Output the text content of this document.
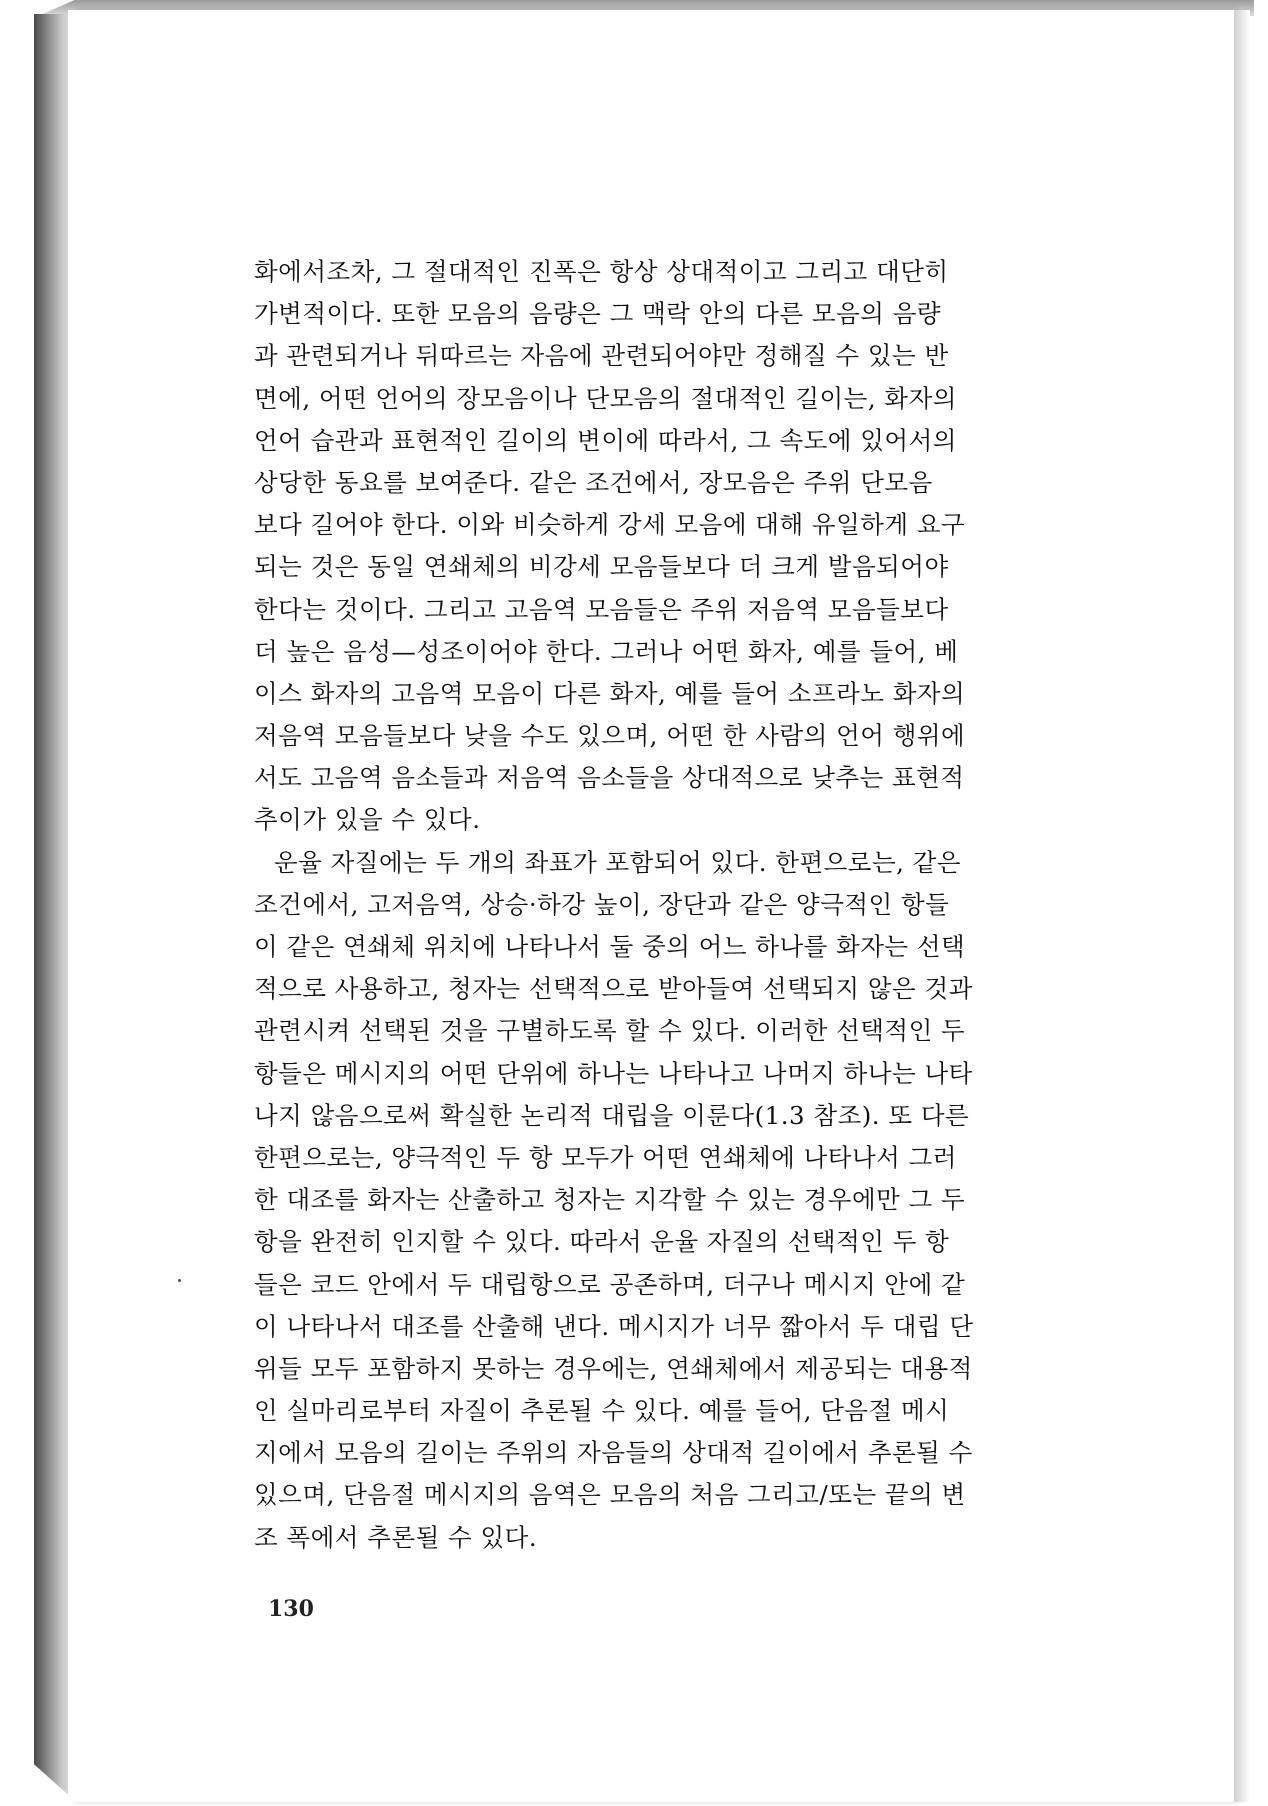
화에서조차, 그 절대적인 진폭은 항상 상대적이고 그리고 대단히
가변적이다. 또한 모음의 음량은 그 맥락 안의 다른 모음의 음량
과 관련되거나 뒤따르는 자음에 관련되어야만 정해질 수 있는 반
면에, 어떤 언어의 장모음이나 단모음의 절대적인 길이는, 화자의
언어 습관과 표현적인 길이의 변이에 따라서, 그 속도에 있어서의
상당한 동요를 보여준다. 같은 조건에서, 장모음은 주위 단모음
보다 길어야 한다. 이와 비슷하게 강세 모음에 대해 유일하게 요구
되는 것은 동일 연쇄체의 비강세 모음들보다 더 크게 발음되어야
한다는 것이다. 그리고 고음역 모음들은 주위 저음역 모음들보다
더 높은 음성—성조이어야 한다. 그러나 어떤 화자, 예를 들어, 베
이스 화자의 고음역 모음이 다른 화자, 예를 들어 소프라노 화자의
저음역 모음들보다 낮을 수도 있으며, 어떤 한 사람의 언어 행위에
서도 고음역 음소들과 저음역 음소들을 상대적으로 낮추는 표현적
추이가 있을 수 있다.
운율 자질에는 두 개의 좌표가 포함되어 있다. 한편으로는, 같은
조건에서, 고저음역, 상승·하강 높이, 장단과 같은 양극적인 항들
이 같은 연쇄체 위치에 나타나서 둘 중의 어느 하나를 화자는 선택
적으로 사용하고, 청자는 선택적으로 받아들여 선택되지 않은 것과
관련시켜 선택된 것을 구별하도록 할 수 있다. 이러한 선택적인 두
항들은 메시지의 어떤 단위에 하나는 나타나고 나머지 하나는 나타
나지 않음으로써 확실한 논리적 대립을 이룬다(1.3 참조). 또 다른
한편으로는, 양극적인 두 항 모두가 어떤 연쇄체에 나타나서 그러
한 대조를 화자는 산출하고 청자는 지각할 수 있는 경우에만 그 두
항을 완전히 인지할 수 있다. 따라서 운율 자질의 선택적인 두 항
들은 코드 안에서 두 대립항으로 공존하며, 더구나 메시지 안에 같
이 나타나서 대조를 산출해 낸다. 메시지가 너무 짧아서 두 대립 단
위들 모두 포함하지 못하는 경우에는, 연쇄체에서 제공되는 대용적
인 실마리로부터 자질이 추론될 수 있다. 예를 들어, 단음절 메시
지에서 모음의 길이는 주위의 자음들의 상대적 길이에서 추론될 수
있으며, 단음절 메시지의 음역은 모음의 처음 그리고/또는 끝의 변
조 폭에서 추론될 수 있다.
130
